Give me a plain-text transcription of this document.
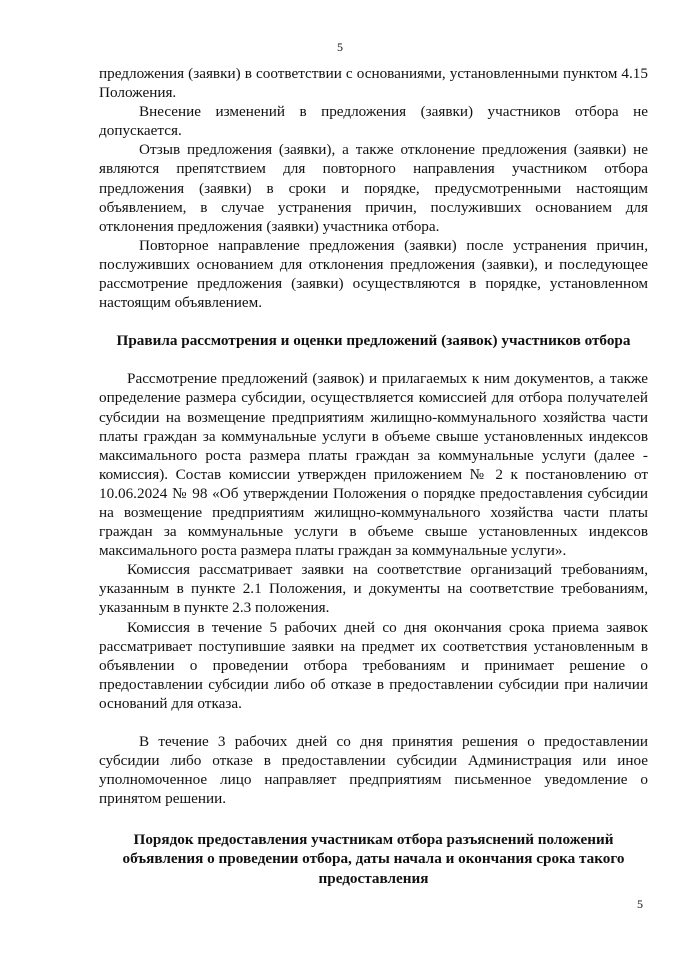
5

предложения (заявки) в соответствии с основаниями, установленными пунктом 4.15 Положения.

Внесение изменений в предложения (заявки) участников отбора не допускается.

Отзыв предложения (заявки), а также отклонение предложения (заявки) не являются препятствием для повторного направления участником отбора предложения (заявки) в сроки и порядке, предусмотренными настоящим объявлением, в случае устранения причин, послуживших основанием для отклонения предложения (заявки) участника отбора.

Повторное направление предложения (заявки) после устранения причин, послуживших основанием для отклонения предложения (заявки), и последующее рассмотрение предложения (заявки) осуществляются в порядке, установленном настоящим объявлением.

Правила рассмотрения и оценки предложений (заявок) участников отбора

Рассмотрение предложений (заявок) и прилагаемых к ним документов, а также определение размера субсидии, осуществляется комиссией для отбора получателей субсидии на возмещение предприятиям жилищно-коммунального хозяйства части платы граждан за коммунальные услуги в объеме свыше установленных индексов максимального роста размера платы граждан за коммунальные услуги (далее - комиссия). Состав комиссии утвержден приложением № 2 к постановлению от 10.06.2024 № 98 «Об утверждении Положения о порядке предоставления субсидии на возмещение предприятиям жилищно-коммунального хозяйства части платы граждан за коммунальные услуги в объеме свыше установленных индексов максимального роста размера платы граждан за коммунальные услуги».

Комиссия рассматривает заявки на соответствие организаций требованиям, указанным в пункте 2.1 Положения, и документы на соответствие требованиям, указанным в пункте 2.3 положения.

Комиссия в течение 5 рабочих дней со дня окончания срока приема заявок рассматривает поступившие заявки на предмет их соответствия установленным в объявлении о проведении отбора требованиям и принимает решение о предоставлении субсидии либо об отказе в предоставлении субсидии при наличии оснований для отказа.

В течение 3 рабочих дней со дня принятия решения о предоставлении субсидии либо отказе в предоставлении субсидии Администрация или иное уполномоченное лицо направляет предприятиям письменное уведомление о принятом решении.

Порядок предоставления участникам отбора разъяснений положений объявления о проведении отбора, даты начала и окончания срока такого предоставления

5
